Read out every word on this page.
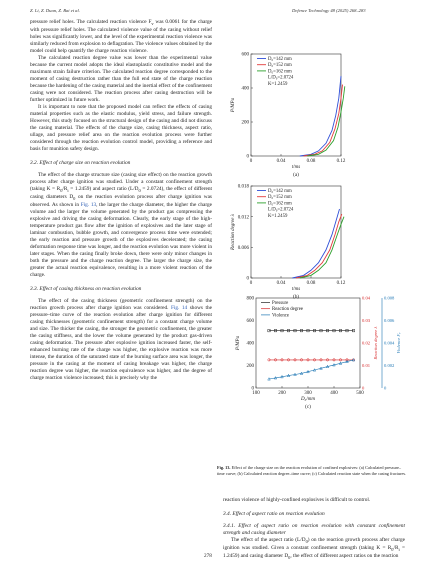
Z. Li, Z. Duan, Z. Bai et al.	Defence Technology 48 (2025) 268–283

pressure relief holes. The calculated reaction violence $F_v$ was 0.0061 for the charge with pressure relief holes. The calculated violence value of the casing without relief holes was significantly lower, and the level of the experimental reaction violence was similarly reduced from explosion to deflagration. The violence values obtained by the model could help quantify the charge reaction violence.

The calculated reaction degree value was lower than the experimental value because the current model adopts the ideal elastoplastic constitutive model and the maximum strain failure criterion. The calculated reaction degree corresponded to the moment of casing destruction rather than the full end state of the charge reaction because the hardening of the casing material and the inertial effect of the confinement casing were not considered. The reaction process after casing destruction will be further optimized in future work.

It is important to note that the proposed model can reflect the effects of casing material properties such as the elastic modulus, yield stress, and failure strength. However, this study focused on the structural design of the casing and did not discuss the casing material. The effects of the charge size, casing thickness, aspect ratio, ullage, and pressure relief area on the reaction evolution process were further considered through the reaction evolution control model, providing a reference and basis for munition safety design.

3.2. Effect of charge size on reaction evolution

The effect of the charge structure size (casing size effect) on the reaction growth process after charge ignition was studied. Under a constant confinement strength (taking $K = R_0/R_i = 1.2459$) and aspect ratio $(L/D_0 = 2.0724)$, the effect of different casing diameters $D_0$ on the reaction evolution process after charge ignition was observed. As shown in Fig. 13, the larger the charge diameter, the higher the charge volume and the larger the volume generated by the product gas compressing the explosive and driving the casing deformation. Clearly, the early stage of the high-temperature product gas flow after the ignition of explosives and the later stage of laminar combustion, bubble growth, and convergence process time were extended; the early reaction and pressure growth of the explosives decelerated; the casing deformation response time was longer, and the reaction evolution was more violent in later stages. When the casing finally broke down, there were only minor changes in both the pressure and the charge reaction degree. The larger the charge size, the greater the actual reaction equivalence, resulting in a more violent reaction of the charge.

3.3. Effect of casing thickness on reaction evolution

The effect of the casing thickness (geometric confinement strength) on the reaction growth process after charge ignition was considered. Fig. 14 shows the pressure–time curve of the reaction evolution after charge ignition for different casing thicknesses (geometric confinement strength) for a constant charge volume and size. The thicker the casing, the stronger the geometric confinement, the greater the casing stiffness, and the lower the volume generated by the product gas-driven casing deformation. The pressure after explosive ignition increased faster, the self-enhanced burning rate of the charge was higher, the explosive reaction was more intense, the duration of the saturated state of the burning surface area was longer, the pressure in the casing at the moment of casing breakage was higher, the charge reaction degree was higher, the reaction equivalence was higher, and the degree of charge reaction violence increased; this is precisely why the

0	0.04	0.08	0.12
0
200
400
600
t/ms
P/MPa
D₀=142 mm
D₀=152 mm
D₀=162 mm
L/D₀=2.0724
K=1.2459
(a)
0	0.04	0.08	0.12
0
0.006
0.012
0.018
t/ms
Reaction degree λ
D₀=142 mm
D₀=152 mm
D₀=162 mm
L/D₀=2.0724
K=1.2459
(b)
100	200	300	400	500
0
200
400
600
800
0
0.01
0.02
0.03
0.04
0
0.002
0.004
0.006
0.008
D₀/mm
P/MPa	Reaction degree λ	Violence Fᵥ
Pressure
Reaction degree
Violence
(c)
Fig. 13. Effect of the charge size on the reaction evolution of confined explosives: (a) Calculated pressure–time curve; (b) Calculated reaction degree–time curve; (c) Calculated reaction state when the casing fractures.

reaction violence of highly-confined explosives is difficult to control.

3.4. Effect of aspect ratio on reaction evolution
3.4.1. Effect of aspect ratio on reaction evolution with constant confinement strength and casing diameter

The effect of the aspect ratio $(L/D_0)$ on the reaction growth process after charge ignition was studied. Given a constant confinement strength (taking $K = R_0/R_i = 1.2459$) and casing diameter $D_0$, the effect of different aspect ratios on the reaction

278
